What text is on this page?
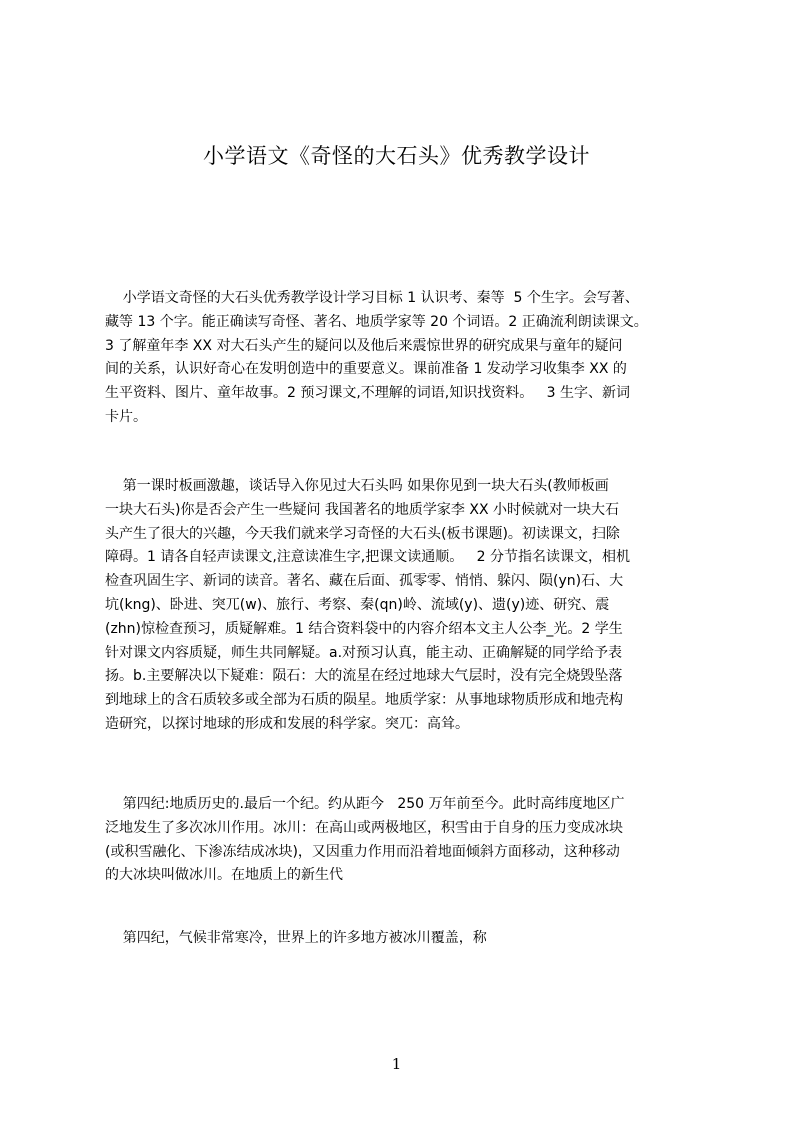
小学语文《奇怪的大石头》优秀教学设计
小学语文奇怪的大石头优秀教学设计学习目标 1 认识考、秦等  5 个生字。会写著、
藏等 13 个字。能正确读写奇怪、著名、地质学家等 20 个词语。2 正确流利朗读课文。
3 了解童年李 XX 对大石头产生的疑问以及他后来震惊世界的研究成果与童年的疑问
间的关系，认识好奇心在发明创造中的重要意义。课前准备 1 发动学习收集李 XX 的
生平资料、图片、童年故事。2 预习课文,不理解的词语,知识找资料。   3 生字、新词
卡片。
第一课时板画激趣，谈话导入你见过大石头吗 如果你见到一块大石头(教师板画
一块大石头)你是否会产生一些疑问 我国著名的地质学家李 XX 小时候就对一块大石
头产生了很大的兴趣，今天我们就来学习奇怪的大石头(板书课题)。初读课文，扫除
障碍。1 请各自轻声读课文,注意读准生字,把课文读通顺。   2 分节指名读课文，相机
检查巩固生字、新词的读音。著名、藏在后面、孤零零、悄悄、躲闪、陨(yn)石、大
坑(kng)、卧进、突兀(w)、旅行、考察、秦(qn)岭、流域(y)、遗(y)迹、研究、震
(zhn)惊检查预习，质疑解难。1 结合资料袋中的内容介绍本文主人公李_光。2 学生
针对课文内容质疑，师生共同解疑。a.对预习认真，能主动、正确解疑的同学给予表
扬。b.主要解决以下疑难：陨石：大的流星在经过地球大气层时，没有完全烧毁坠落
到地球上的含石质较多或全部为石质的陨星。地质学家：从事地球物质形成和地壳构
造研究，以探讨地球的形成和发展的科学家。突兀：高耸。
第四纪:地质历史的.最后一个纪。约从距今   250 万年前至今。此时高纬度地区广
泛地发生了多次冰川作用。冰川：在高山或两极地区，积雪由于自身的压力变成冰块
(或积雪融化、下渗冻结成冰块)，又因重力作用而沿着地面倾斜方面移动，这种移动
的大冰块叫做冰川。在地质上的新生代
第四纪，气候非常寒冷，世界上的许多地方被冰川覆盖，称
1
